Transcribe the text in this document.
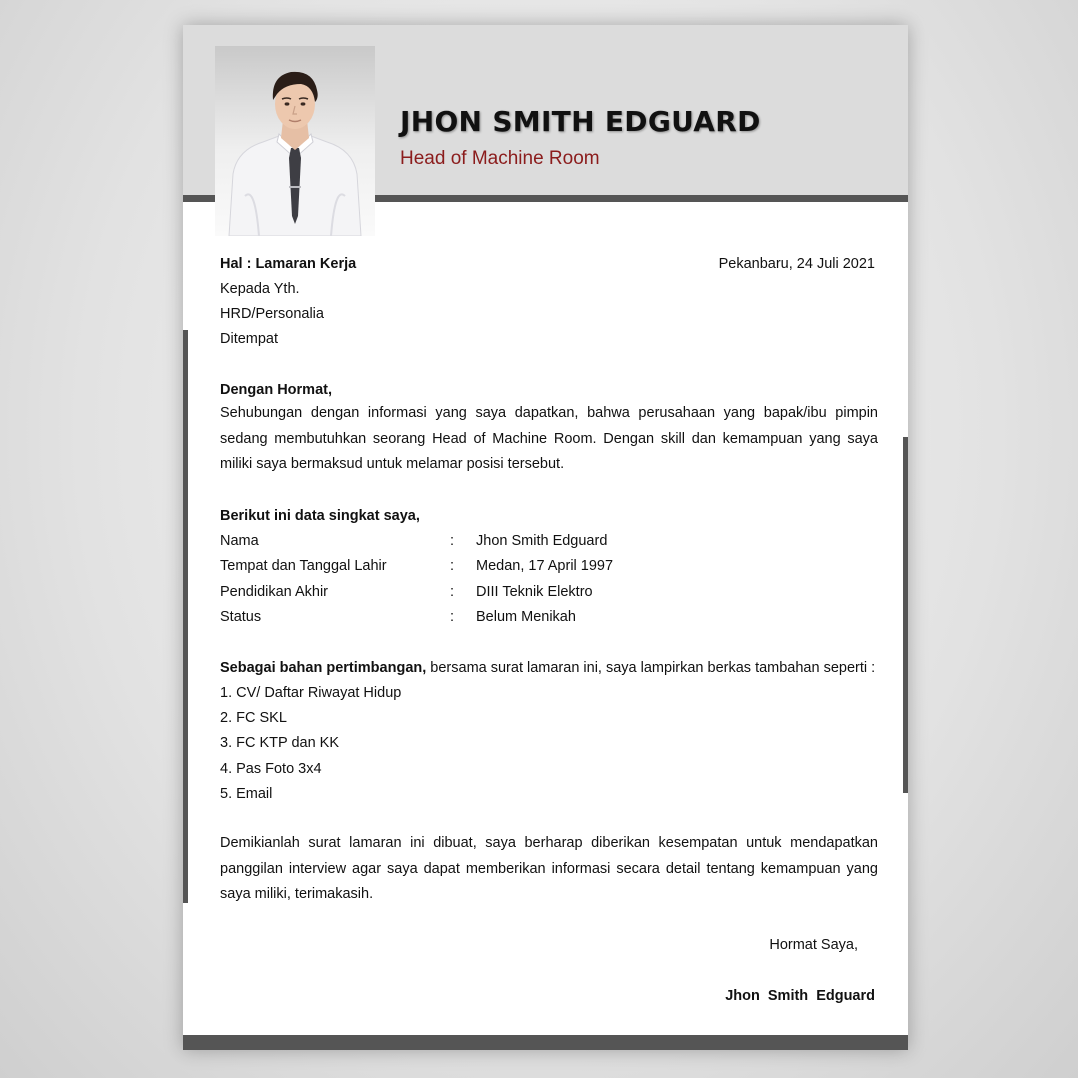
JHON SMITH EDGUARD
Head of Machine Room
Hal : Lamaran Kerja	Pekanbaru, 24 Juli 2021
Kepada Yth.
HRD/Personalia
Ditempat
Dengan Hormat,
Sehubungan dengan informasi yang saya dapatkan, bahwa perusahaan yang bapak/ibu pimpin sedang membutuhkan seorang Head of Machine Room. Dengan skill dan kemampuan yang saya miliki saya bermaksud untuk melamar posisi tersebut.
Berikut ini data singkat saya,
Nama	: Jhon Smith Edguard
Tempat dan Tanggal Lahir	: Medan, 17 April 1997
Pendidikan Akhir	: DIII Teknik Elektro
Status	: Belum Menikah
Sebagai bahan pertimbangan, bersama surat lamaran ini, saya lampirkan berkas tambahan seperti :
1. CV/ Daftar Riwayat Hidup
2. FC SKL
3. FC KTP dan KK
4. Pas Foto 3x4
5. Email
Demikianlah surat lamaran ini dibuat, saya berharap diberikan kesempatan untuk mendapatkan panggilan interview agar saya dapat memberikan informasi secara detail tentang kemampuan yang saya miliki, terimakasih.
Hormat Saya,
Jhon Smith Edguard
